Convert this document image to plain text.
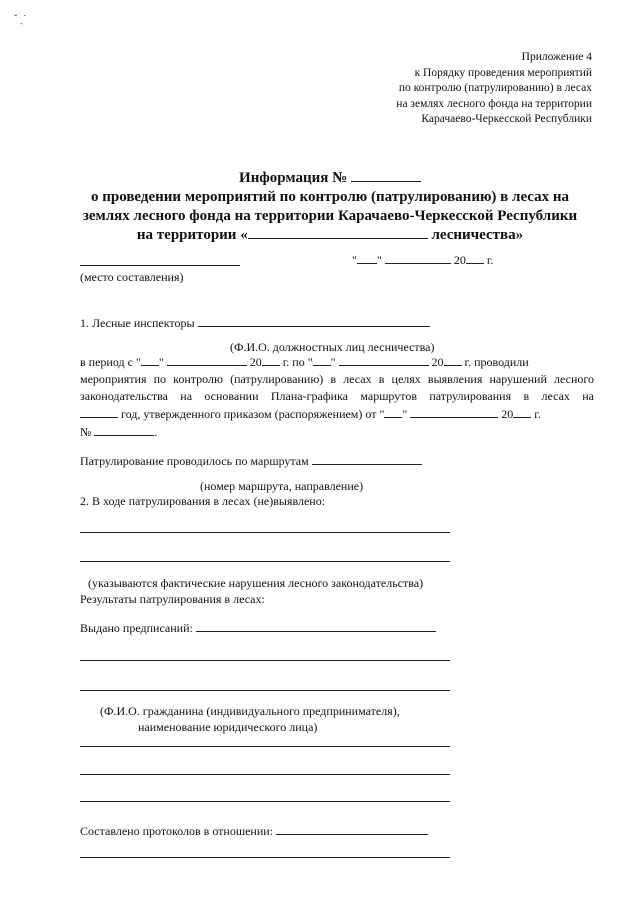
ˇ ˏ˙
Приложение 4
к Порядку проведения мероприятий
по контролю (патрулированию) в лесах
на землях лесного фонда на территории
Карачаево-Черкесской Республики
Информация №
о проведении мероприятий по контролю (патрулированию) в лесах на
землях лесного фонда на территории Карачаево-Черкесской Республики
на территории «	лесничества»
(место составления)
" "	20 г.
1. Лесные инспекторы
(Ф.И.О. должностных лиц лесничества)
в период с " "	20 г. по " "	20 г. проводили
мероприятия по контролю (патрулированию) в лесах в целях выявления нарушений лесного
законодательства на основании Плана-графика маршрутов патрулирования в лесах на
год, утвержденного приказом (распоряжением) от " "	20 г.
№	.
Патрулирование проводилось по маршрутам
(номер маршрута, направление)
2. В ходе патрулирования в лесах (не)выявлено:
(указываются фактические нарушения лесного законодательства)
Результаты патрулирования в лесах:
Выдано предписаний:
(Ф.И.О. гражданина (индивидуального предпринимателя),
наименование юридического лица)
Составлено протоколов в отношении:
